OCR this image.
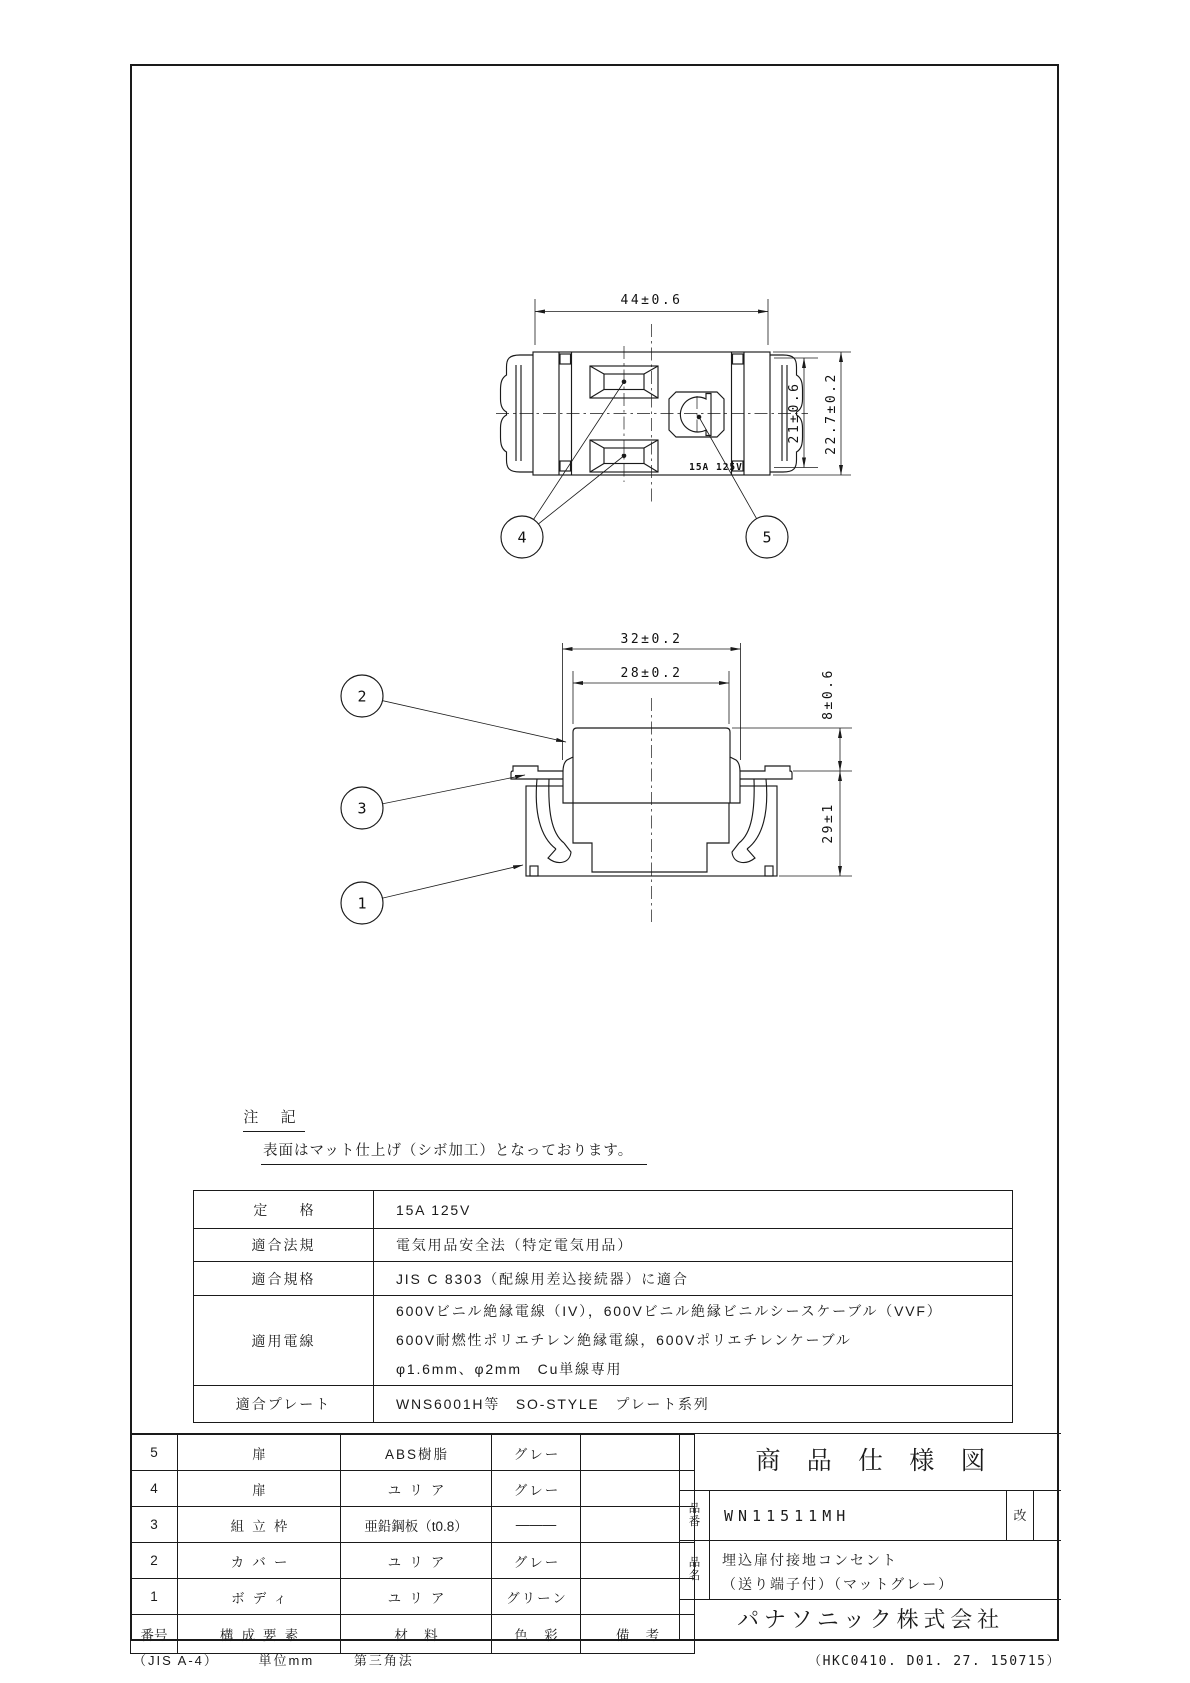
15A 125V
44±0.6
21±0.6 22.7±0.2
4	5
32±0.2
28±0.2	8±0.6
29±1
2
3
1
注 記
表面はマット仕上げ（シボ加工）となっております。
定格	15A 125V
適合法規	電気用品安全法（特定電気用品）
適合規格	JIS C 8303（配線用差込接続器）に適合
適用電線	600Vビニル絶縁電線（IV），600Vビニル絶縁ビニルシースケーブル（VVF）
600V耐燃性ポリエチレン絶縁電線，600Vポリエチレンケーブル
φ1.6mm、φ2mm　Cu単線専用

適合プレート	WNS6001H等　SO-STYLE　プレート系列
5	扉	ABS樹脂	グレー	
4	扉	ユリア	グレー	
3	組立枠	亜鉛鋼板（t0.8）	———	
2	カバー	ユリア	グレー	
1	ボディ	ユリア	グリーン	
番号	構成要素	材料	色彩	備考
商品仕様図
品番 WN11511MH	改
品名
埋込扉付接地コンセント
（送り端子付）（マットグレー）
パナソニック株式会社
（JIS A-4）	単位mm	第三角法	（HKC0410. D01. 27. 150715）
